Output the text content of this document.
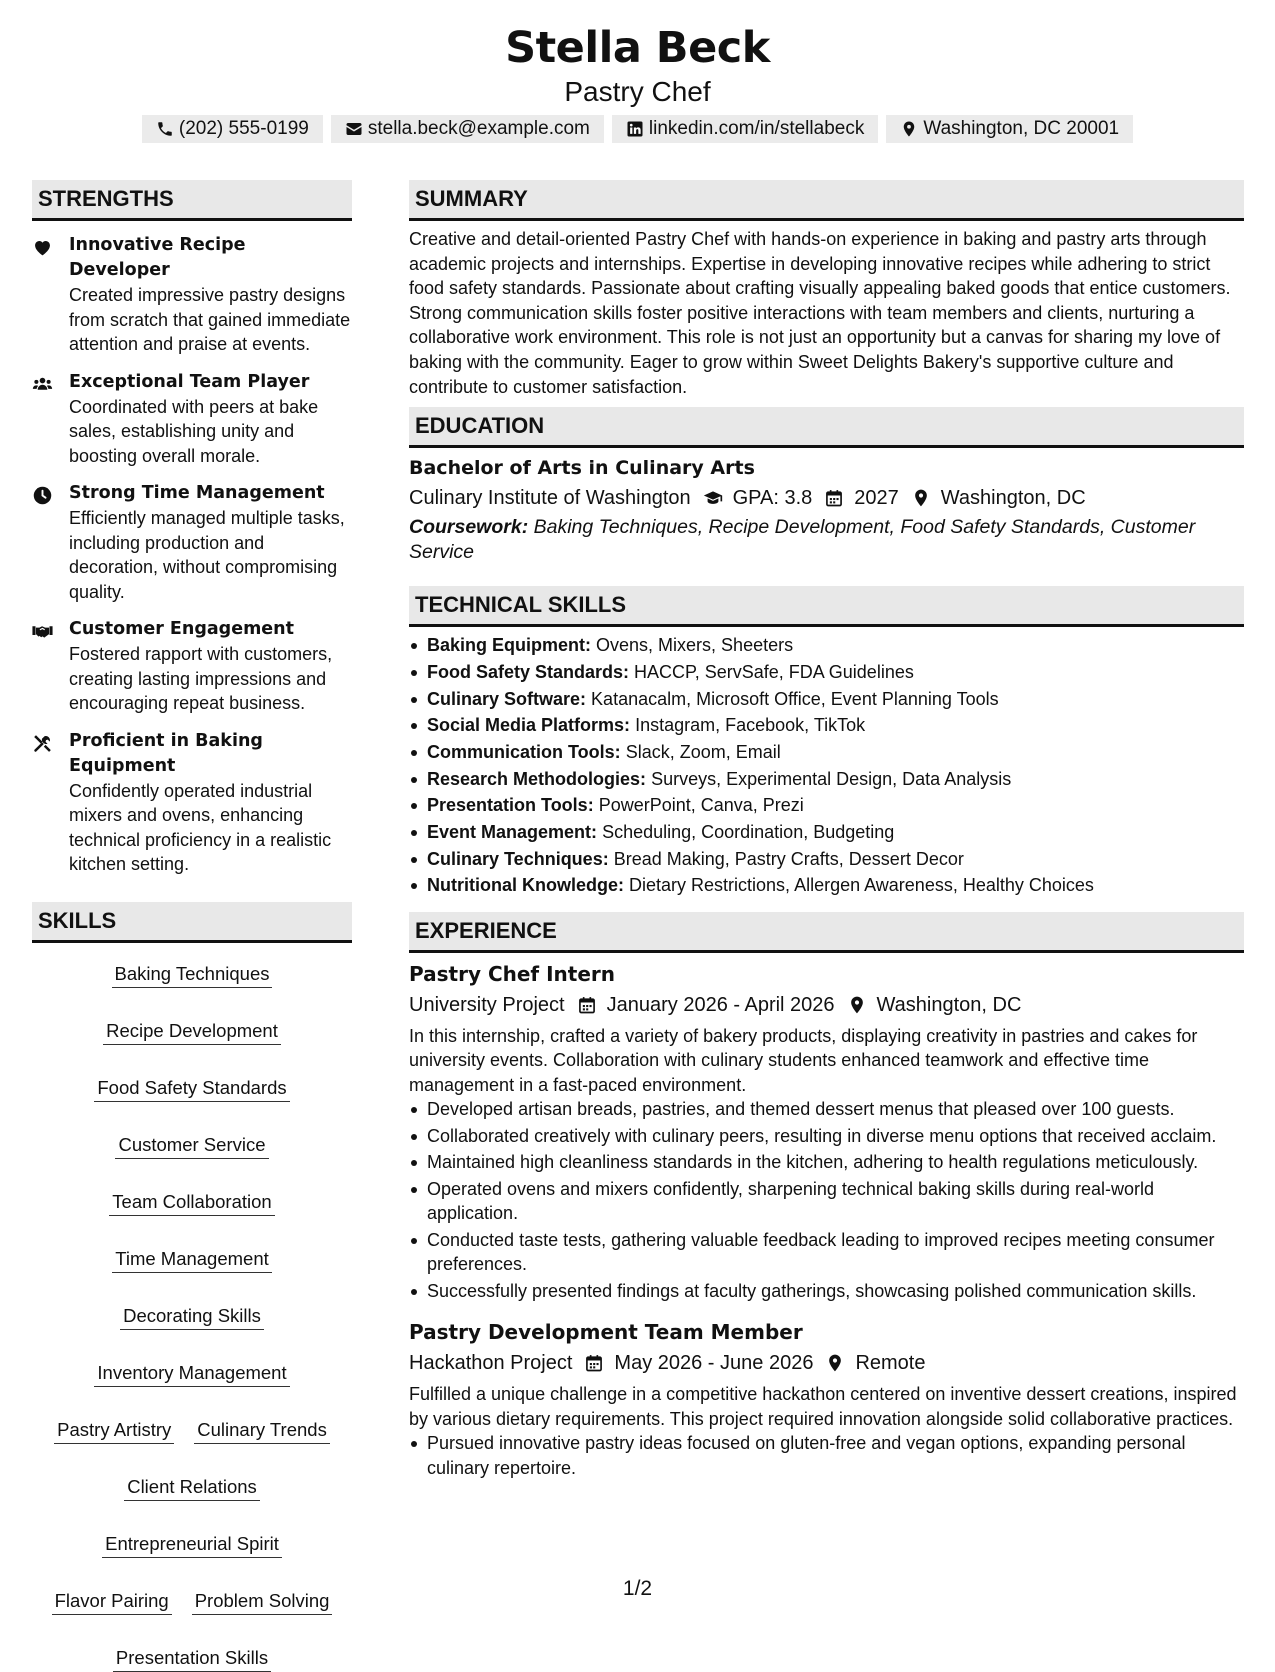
Stella Beck
Pastry Chef
(202) 555-0199	stella.beck@example.com	linkedin.com/in/stellabeck	Washington, DC 20001
STRENGTHS
Innovative Recipe Developer
Created impressive pastry designs from scratch that gained immediate attention and praise at events.
Exceptional Team Player
Coordinated with peers at bake sales, establishing unity and boosting overall morale.
Strong Time Management
Efficiently managed multiple tasks, including production and decoration, without compromising quality.
Customer Engagement
Fostered rapport with customers, creating lasting impressions and encouraging repeat business.
Proficient in Baking Equipment
Confidently operated industrial mixers and ovens, enhancing technical proficiency in a realistic kitchen setting.
SKILLS
Baking Techniques
Recipe Development
Food Safety Standards
Customer Service
Team Collaboration
Time Management
Decorating Skills
Inventory Management
Pastry Artistry Culinary Trends
Client Relations
Entrepreneurial Spirit
Flavor Pairing Problem Solving
Presentation Skills
SUMMARY
Creative and detail-oriented Pastry Chef with hands-on experience in baking and pastry arts through academic projects and internships. Expertise in developing innovative recipes while adhering to strict food safety standards. Passionate about crafting visually appealing baked goods that entice customers. Strong communication skills foster positive interactions with team members and clients, nurturing a collaborative work environment. This role is not just an opportunity but a canvas for sharing my love of baking with the community. Eager to grow within Sweet Delights Bakery's supportive culture and contribute to customer satisfaction.
EDUCATION
Bachelor of Arts in Culinary Arts
Culinary Institute of Washington GPA: 3.8 2027 Washington, DC
Coursework: Baking Techniques, Recipe Development, Food Safety Standards, Customer Service
TECHNICAL SKILLS
Baking Equipment: Ovens, Mixers, Sheeters
Food Safety Standards: HACCP, ServSafe, FDA Guidelines
Culinary Software: Katanacalm, Microsoft Office, Event Planning Tools
Social Media Platforms: Instagram, Facebook, TikTok
Communication Tools: Slack, Zoom, Email
Research Methodologies: Surveys, Experimental Design, Data Analysis
Presentation Tools: PowerPoint, Canva, Prezi
Event Management: Scheduling, Coordination, Budgeting
Culinary Techniques: Bread Making, Pastry Crafts, Dessert Decor
Nutritional Knowledge: Dietary Restrictions, Allergen Awareness, Healthy Choices
EXPERIENCE
Pastry Chef Intern
University Project January 2026 - April 2026 Washington, DC
In this internship, crafted a variety of bakery products, displaying creativity in pastries and cakes for university events. Collaboration with culinary students enhanced teamwork and effective time management in a fast-paced environment.
Developed artisan breads, pastries, and themed dessert menus that pleased over 100 guests.
Collaborated creatively with culinary peers, resulting in diverse menu options that received acclaim.
Maintained high cleanliness standards in the kitchen, adhering to health regulations meticulously.
Operated ovens and mixers confidently, sharpening technical baking skills during real-world application.
Conducted taste tests, gathering valuable feedback leading to improved recipes meeting consumer preferences.
Successfully presented findings at faculty gatherings, showcasing polished communication skills.
Pastry Development Team Member
Hackathon Project May 2026 - June 2026 Remote
Fulfilled a unique challenge in a competitive hackathon centered on inventive dessert creations, inspired by various dietary requirements. This project required innovation alongside solid collaborative practices.
Pursued innovative pastry ideas focused on gluten-free and vegan options, expanding personal culinary repertoire.
1/2
